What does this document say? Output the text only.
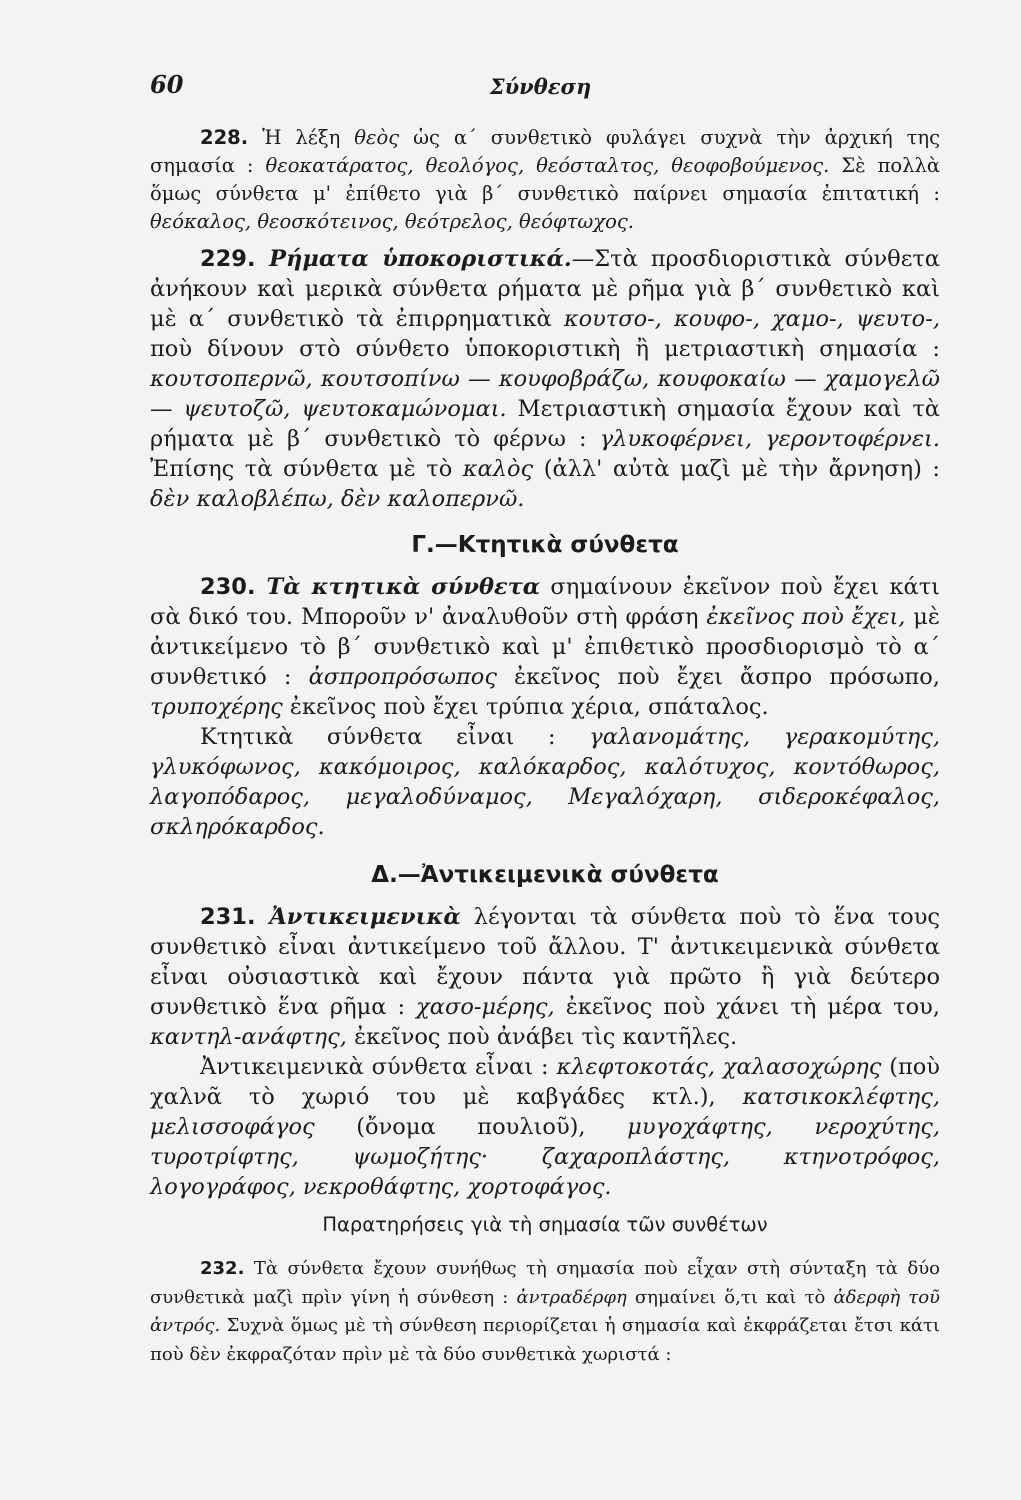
60	Σύνθεση

228. Ἡ λέξη θεὸς ὡς α΄ συνθετικὸ φυλάγει συχνὰ τὴν ἀρχική της σημασία : θεοκατάρατος, θεολόγος, θεόσταλτος, θεοφοβούμενος. Σὲ πολλὰ ὅμως σύνθετα μ' ἐπίθετο γιὰ β΄ συνθετικὸ παίρνει σημασία ἐπιτατική : θεόκαλος, θεοσκότεινος, θεότρελος, θεόφτωχος.

229. Ρήματα ὑποκοριστικά.—Στὰ προσδιοριστικὰ σύνθετα ἀνήκουν καὶ μερικὰ σύνθετα ρήματα μὲ ρῆμα γιὰ β΄ συνθετικὸ καὶ μὲ α΄ συνθετικὸ τὰ ἐπιρρηματικὰ κουτσο-, κουφο-, χαμο-, ψευτο-, ποὺ δίνουν στὸ σύνθετο ὑποκοριστικὴ ἢ μετριαστικὴ σημασία : κουτσοπερνῶ, κουτσοπίνω — κουφοβράζω, κουφοκαίω — χαμογελῶ — ψευτοζῶ, ψευτοκαμώνομαι. Μετριαστικὴ σημασία ἔχουν καὶ τὰ ρήματα μὲ β΄ συνθετικὸ τὸ φέρνω : γλυκοφέρνει, γεροντοφέρνει. Ἐπίσης τὰ σύνθετα μὲ τὸ καλὸς (ἀλλ' αὐτὰ μαζὶ μὲ τὴν ἄρνηση) : δὲν καλοβλέπω, δὲν καλοπερνῶ.

Γ.—Κτητικὰ σύνθετα

230. Τὰ κτητικὰ σύνθετα σημαίνουν ἐκεῖνον ποὺ ἔχει κάτι σὰ δικό του. Μποροῦν ν' ἀναλυθοῦν στὴ φράση ἐκεῖνος ποὺ ἔχει, μὲ ἀντικείμενο τὸ β΄ συνθετικὸ καὶ μ' ἐπιθετικὸ προσδιορισμὸ τὸ α΄ συνθετικό : ἀσπροπρόσωπος ἐκεῖνος ποὺ ἔχει ἄσπρο πρόσωπο, τρυποχέρης ἐκεῖνος ποὺ ἔχει τρύπια χέρια, σπάταλος.

Κτητικὰ σύνθετα εἶναι : γαλανομάτης, γερακομύτης, γλυκόφωνος, κακόμοιρος, καλόκαρδος, καλότυχος, κοντόθωρος, λαγοπόδαρος, μεγαλοδύναμος, Μεγαλόχαρη, σιδεροκέφαλος, σκληρόκαρδος.

Δ.—Ἀντικειμενικὰ σύνθετα

231. Ἀντικειμενικὰ λέγονται τὰ σύνθετα ποὺ τὸ ἕνα τους συνθετικὸ εἶναι ἀντικείμενο τοῦ ἄλλου. Τ' ἀντικειμενικὰ σύνθετα εἶναι οὐσιαστικὰ καὶ ἔχουν πάντα γιὰ πρῶτο ἢ γιὰ δεύτερο συνθετικὸ ἕνα ρῆμα : χασο-μέρης, ἐκεῖνος ποὺ χάνει τὴ μέρα του, καντηλ-ανάφτης, ἐκεῖνος ποὺ ἀνάβει τὶς καντῆλες.

Ἀντικειμενικὰ σύνθετα εἶναι : κλεφτοκοτάς, χαλασοχώρης (ποὺ χαλνᾶ τὸ χωριό του μὲ καβγάδες κτλ.), κατσικοκλέφτης, μελισσοφάγος (ὄνομα πουλιοῦ), μυγοχάφτης, νεροχύτης, τυροτρίφτης, ψωμοζήτης· ζαχαροπλάστης, κτηνοτρόφος, λογογράφος, νεκροθάφτης, χορτοφάγος.

Παρατηρήσεις γιὰ τὴ σημασία τῶν συνθέτων

232. Τὰ σύνθετα ἔχουν συνήθως τὴ σημασία ποὺ εἶχαν στὴ σύνταξη τὰ δύο συνθετικὰ μαζὶ πρὶν γίνη ἡ σύνθεση : ἀντραδέρφη σημαίνει ὅ,τι καὶ τὸ ἀδερφὴ τοῦ ἀντρός. Συχνὰ ὅμως μὲ τὴ σύνθεση περιορίζεται ἡ σημασία καὶ ἐκφράζεται ἔτσι κάτι ποὺ δὲν ἐκφραζόταν πρὶν μὲ τὰ δύο συνθετικὰ χωριστά :
